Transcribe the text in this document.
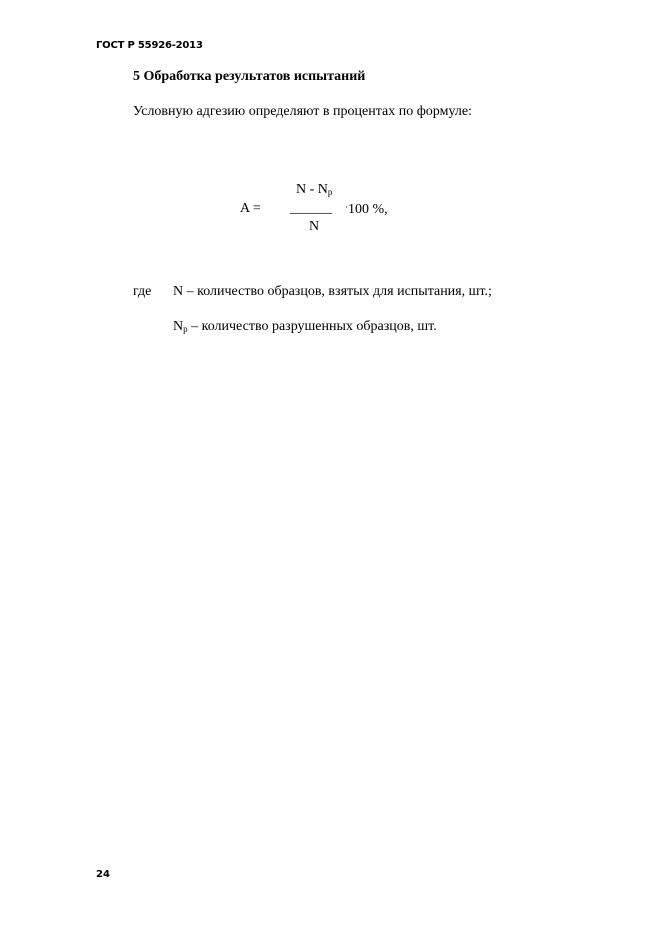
ГОСТ Р 55926-2013
5 Обработка результатов испытаний
Условную адгезию определяют в процентах по формуле:
A =
N - $N_p$
______ ·100 %,
N
где N – количество образцов, взятых для испытания, шт.;
$N_p$ – количество разрушенных образцов, шт.
24
